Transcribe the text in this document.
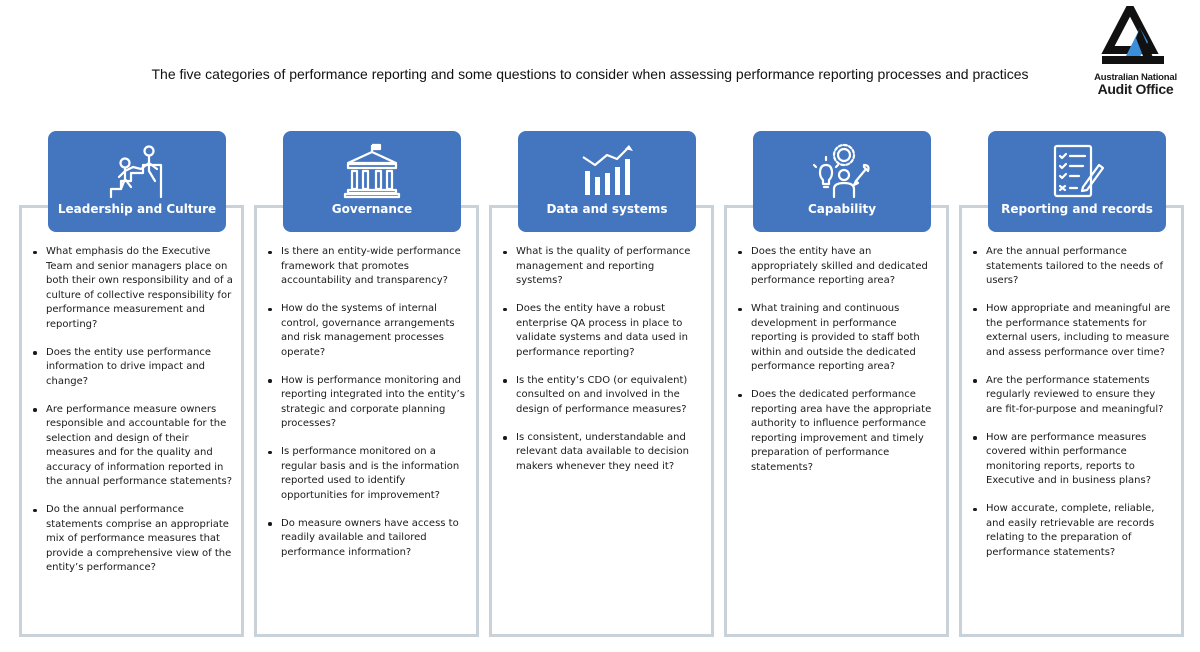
The five categories of performance reporting and some questions to consider when assessing performance reporting processes and practices	Australian National
Audit Office
Leadership and Culture
What emphasis do the Executive Team and senior managers place on both their own responsibility and of a culture of collective responsibility for performance measurement and reporting?
Does the entity use performance information to drive impact and change?
Are performance measure owners responsible and accountable for the selection and design of their measures and for the quality and accuracy of information reported in the annual performance statements?
Do the annual performance statements comprise an appropriate mix of performance measures that provide a comprehensive view of the entity’s performance?
Governance
Is there an entity-wide performance framework that promotes accountability and transparency?
How do the systems of internal control, governance arrangements and risk management processes operate?
How is performance monitoring and reporting integrated into the entity’s strategic and corporate planning processes?
Is performance monitored on a regular basis and is the information reported used to identify opportunities for improvement?
Do measure owners have access to readily available and tailored performance information?
Data and systems
What is the quality of performance management and reporting systems?
Does the entity have a robust enterprise QA process in place to validate systems and data used in performance reporting?
Is the entity’s CDO (or equivalent) consulted on and involved in the design of performance measures?
Is consistent, understandable and relevant data available to decision makers whenever they need it?
Capability
Does the entity have an appropriately skilled and dedicated performance reporting area?
What training and continuous development in performance reporting is provided to staff both within and outside the dedicated performance reporting area?
Does the dedicated performance reporting area have the appropriate authority to influence performance reporting improvement and timely preparation of performance statements?
Reporting and records
Are the annual performance statements tailored to the needs of users?
How appropriate and meaningful are the performance statements for external users, including to measure and assess performance over time?
Are the performance statements regularly reviewed to ensure they are fit-for-purpose and meaningful?
How are performance measures covered within performance monitoring reports, reports to Executive and in business plans?
How accurate, complete, reliable, and easily retrievable are records relating to the preparation of performance statements?
